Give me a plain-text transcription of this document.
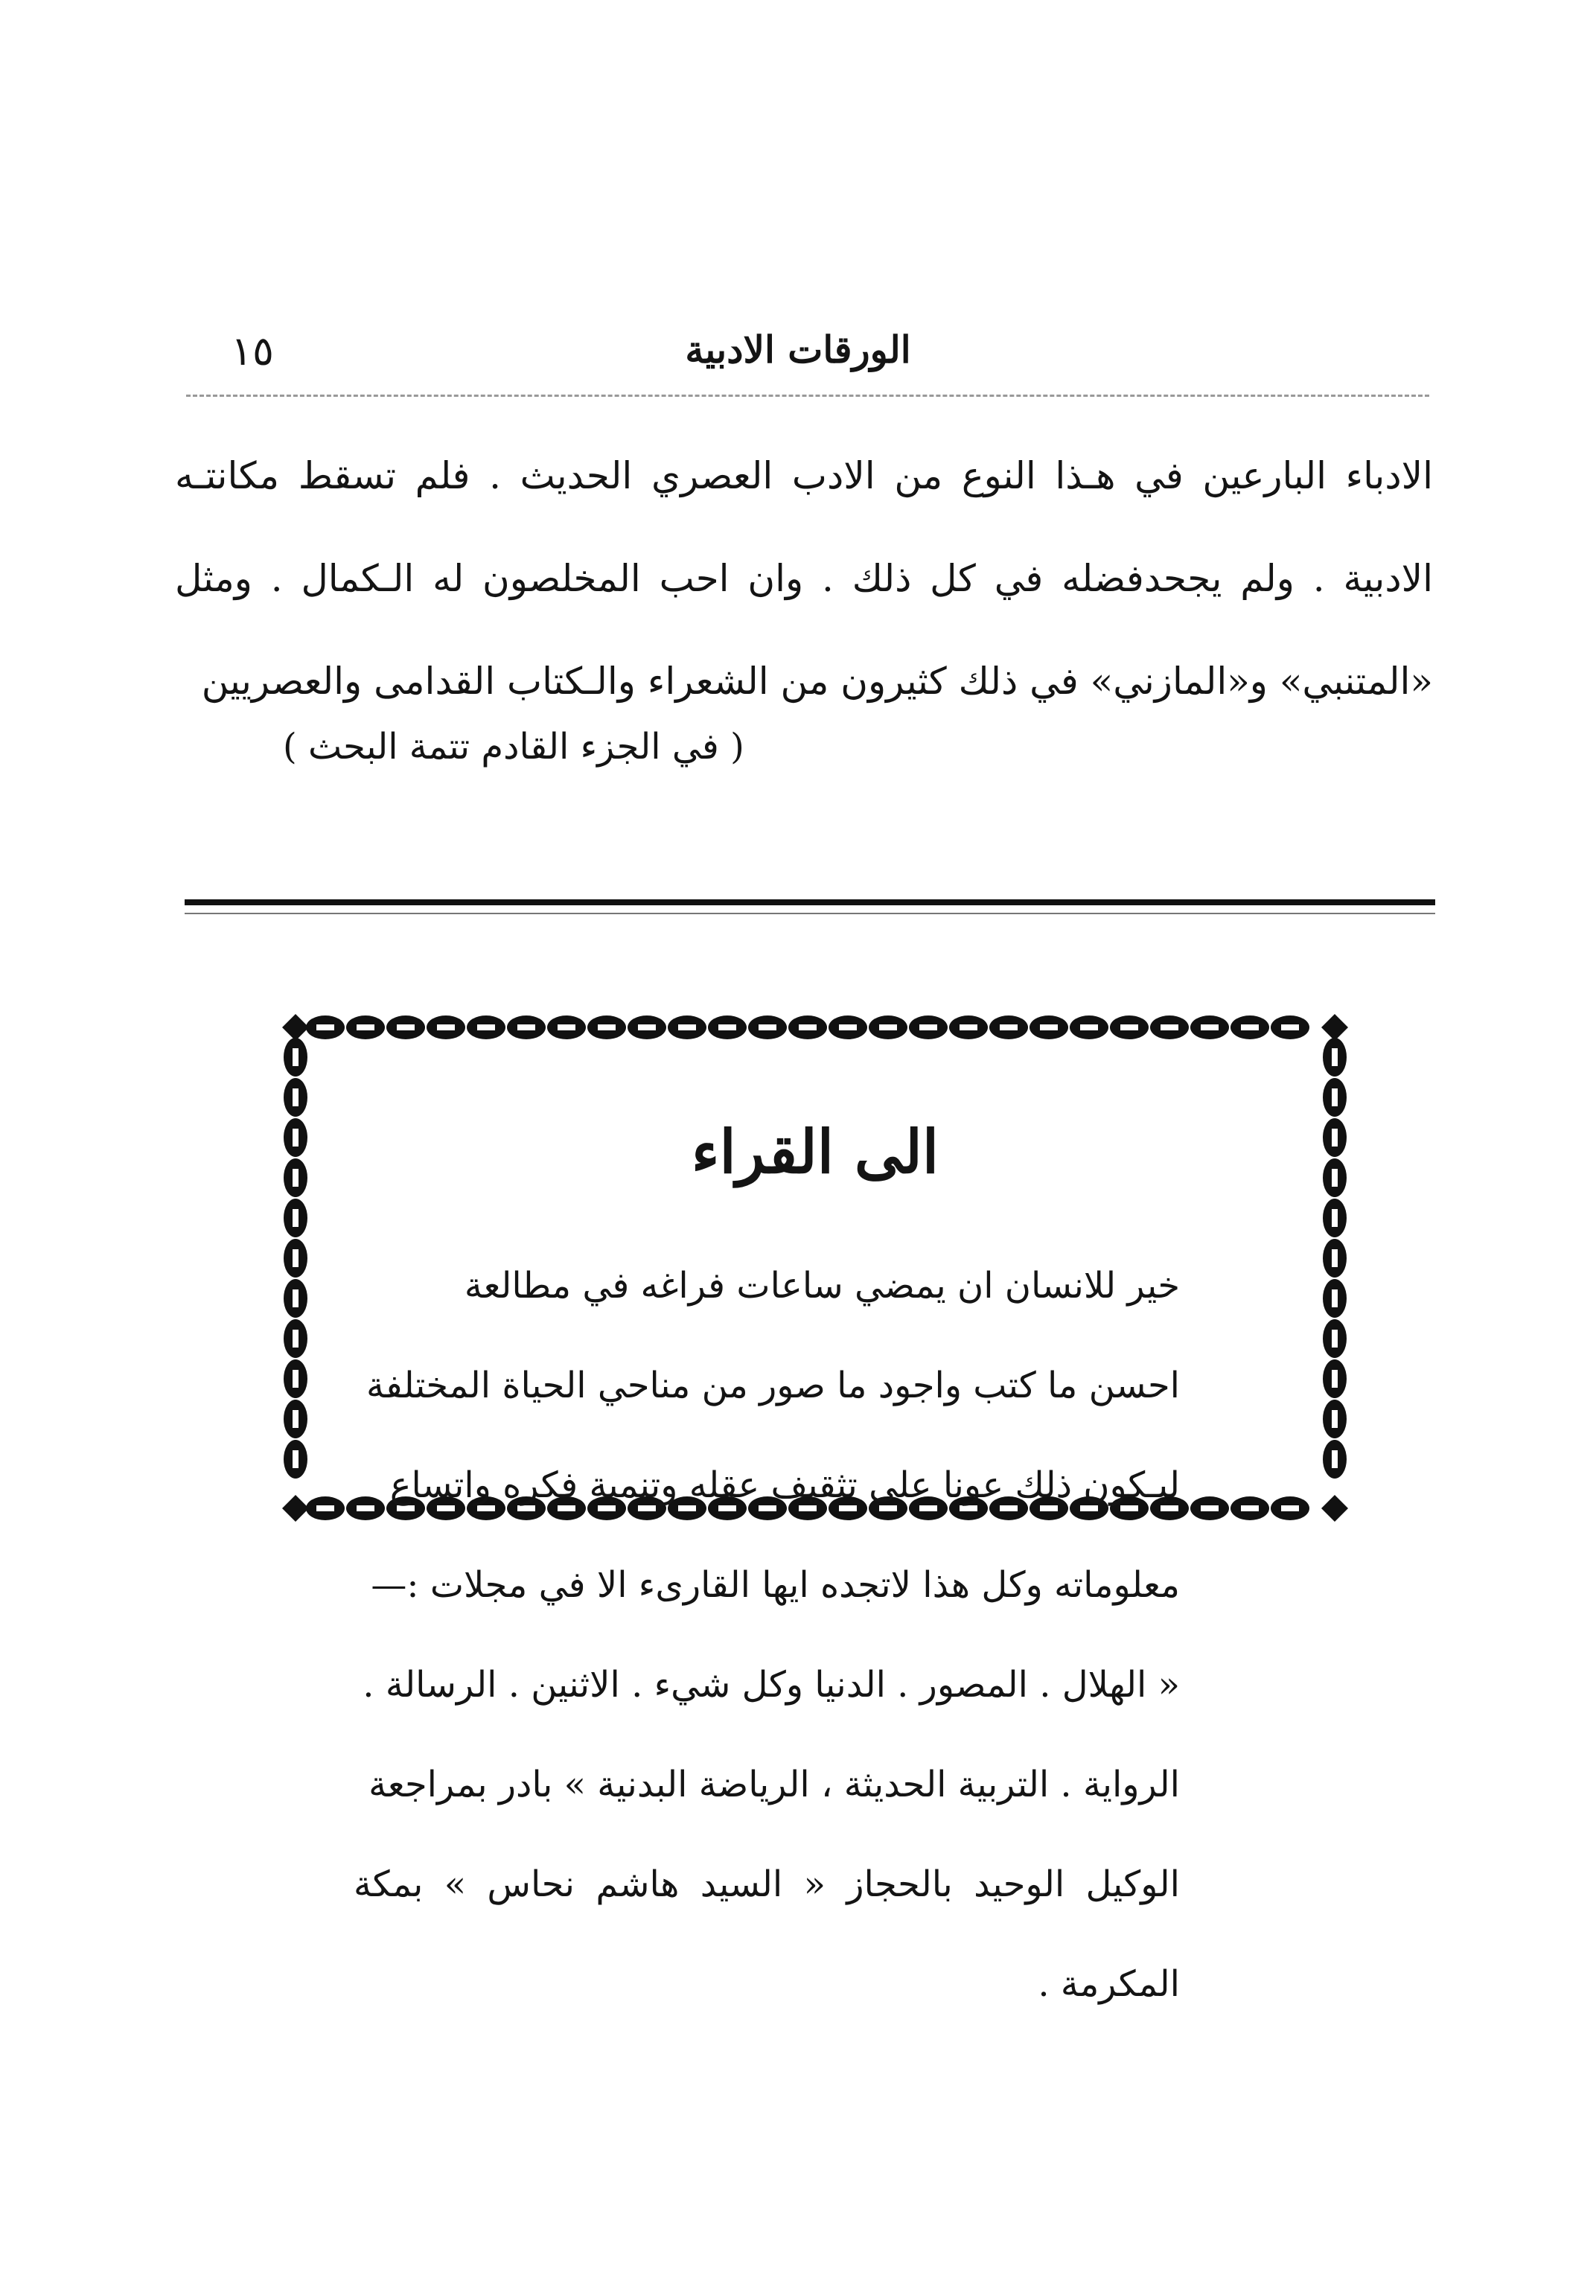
١٥	الورقات الادبية

الادباء البارعين في هـذا النوع من الادب العصري الحديث . فلم تسقط مكانتـه الادبية . ولم يجحدفضله في كل ذلك . وان احب المخلصون له الـكمال . ومثل «المتنبي» و«المازني» في ذلك كثيرون من الشعراء والـكتاب القدامى والعصريين

( في الجزء القادم تتمة البحث )
الى القراء

خير للانسان ان يمضي ساعات فراغه في مطالعة

احسن ما كتب واجود ما صور من مناحي الحياة المختلفة

ليـكون ذلك عونا على تثقيف عقله وتنمية فكره واتساع

معلوماته وكل هذا لاتجده ايها القارىء الا في مجلات :—

« الهلال . المصور . الدنيا وكل شيء . الاثنين . الرسالة .

الرواية . التربية الحديثة ، الرياضة البدنية » بادر بمراجعة

الوكيل الوحيد بالحجاز « السيد هاشم نحاس » بمكة المكرمة .
